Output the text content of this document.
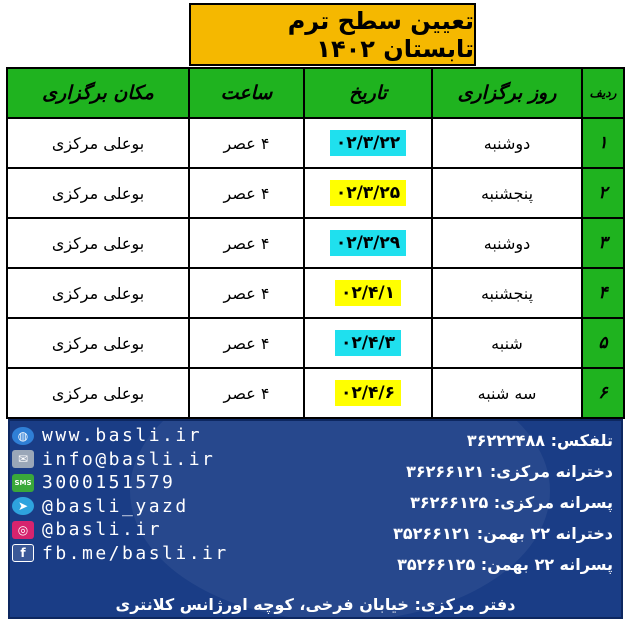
تعیین سطح ترم تابستان ۱۴۰۲
ردیف	روز برگزاری	تاریخ	ساعت	مکان برگزاری
۱	دوشنبه	۰۲/۳/۲۲	۴ عصر	بوعلی مرکزی
۲	پنجشنبه	۰۲/۳/۲۵	۴ عصر	بوعلی مرکزی
۳	دوشنبه	۰۲/۳/۲۹	۴ عصر	بوعلی مرکزی
۴	پنجشنبه	۰۲/۴/۱	۴ عصر	بوعلی مرکزی
۵	شنبه	۰۲/۴/۳	۴ عصر	بوعلی مرکزی
۶	سه شنبه	۰۲/۴/۶	۴ عصر	بوعلی مرکزی
◍ www.basli.ir
✉ info@basli.ir
SMS 3000151579
➤ @basli_yazd
◎ @basli.ir
f fb.me/basli.ir
تلفکس: ۳۶۲۲۲۴۸۸
دخترانه مرکزی: ۳۶۲۶۶۱۲۱
پسرانه مرکزی: ۳۶۲۶۶۱۲۵
دخترانه ۲۲ بهمن: ۳۵۲۶۶۱۲۱
پسرانه ۲۲ بهمن: ۳۵۲۶۶۱۲۵
دفتر مرکزی: خیابان فرخی، کوچه اورژانس کلانتری
